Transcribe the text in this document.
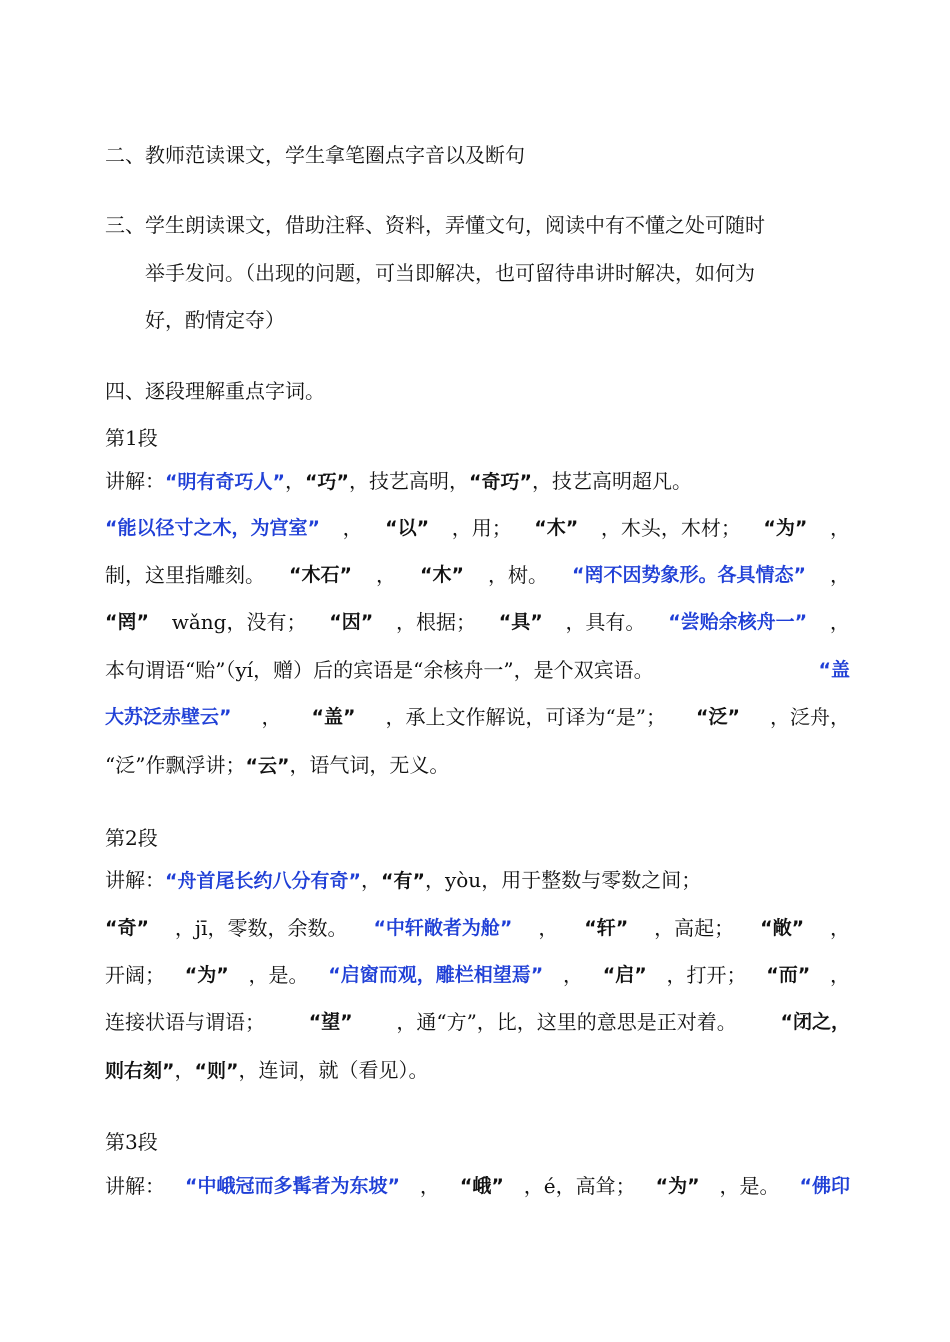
二、教师范读课文，学生拿笔圈点字音以及断句
三、学生朗读课文，借助注释、资料，弄懂文句，阅读中有不懂之处可随时
举手发问。（出现的问题，可当即解决，也可留待串讲时解决，如何为
好，酌情定夺）
四、逐段理解重点字词。
第1段
讲解：“明有奇巧人”，“巧”，技艺高明，“奇巧”，技艺高明超凡。
“能以径寸之木，为宫室” ， “以” ，用； “木” ，木头，木材； “为” ，
制，这里指雕刻。 “木石” ， “木” ，树。 “罔不因势象形。各具情态” ，
“罔” wǎng，没有； “因” ，根据； “具” ，具有。 “尝贻余核舟一” ，
本句谓语“贻”（yí，赠）后的宾语是“余核舟一”，是个双宾语。	“盖
大苏泛赤壁云” ， “盖” ，承上文作解说，可译为“是”； “泛” ，泛舟，
“泛”作飘浮讲；“云”，语气词，无义。
第2段
讲解：“舟首尾长约八分有奇”，“有”，yòu，用于整数与零数之间；
“奇” ，jī，零数，余数。 “中轩敞者为舱” ， “轩” ，高起； “敞” ，
开阔； “为” ，是。 “启窗而观，雕栏相望焉” ， “启” ，打开； “而” ，
连接状语与谓语； “望” ，通“方”，比，这里的意思是正对着。 “闭之，
则右刻”，“则”，连词，就（看见）。
第3段
讲解： “中峨冠而多髯者为东坡” ， “峨” ，é，高耸； “为” ，是。 “佛印
